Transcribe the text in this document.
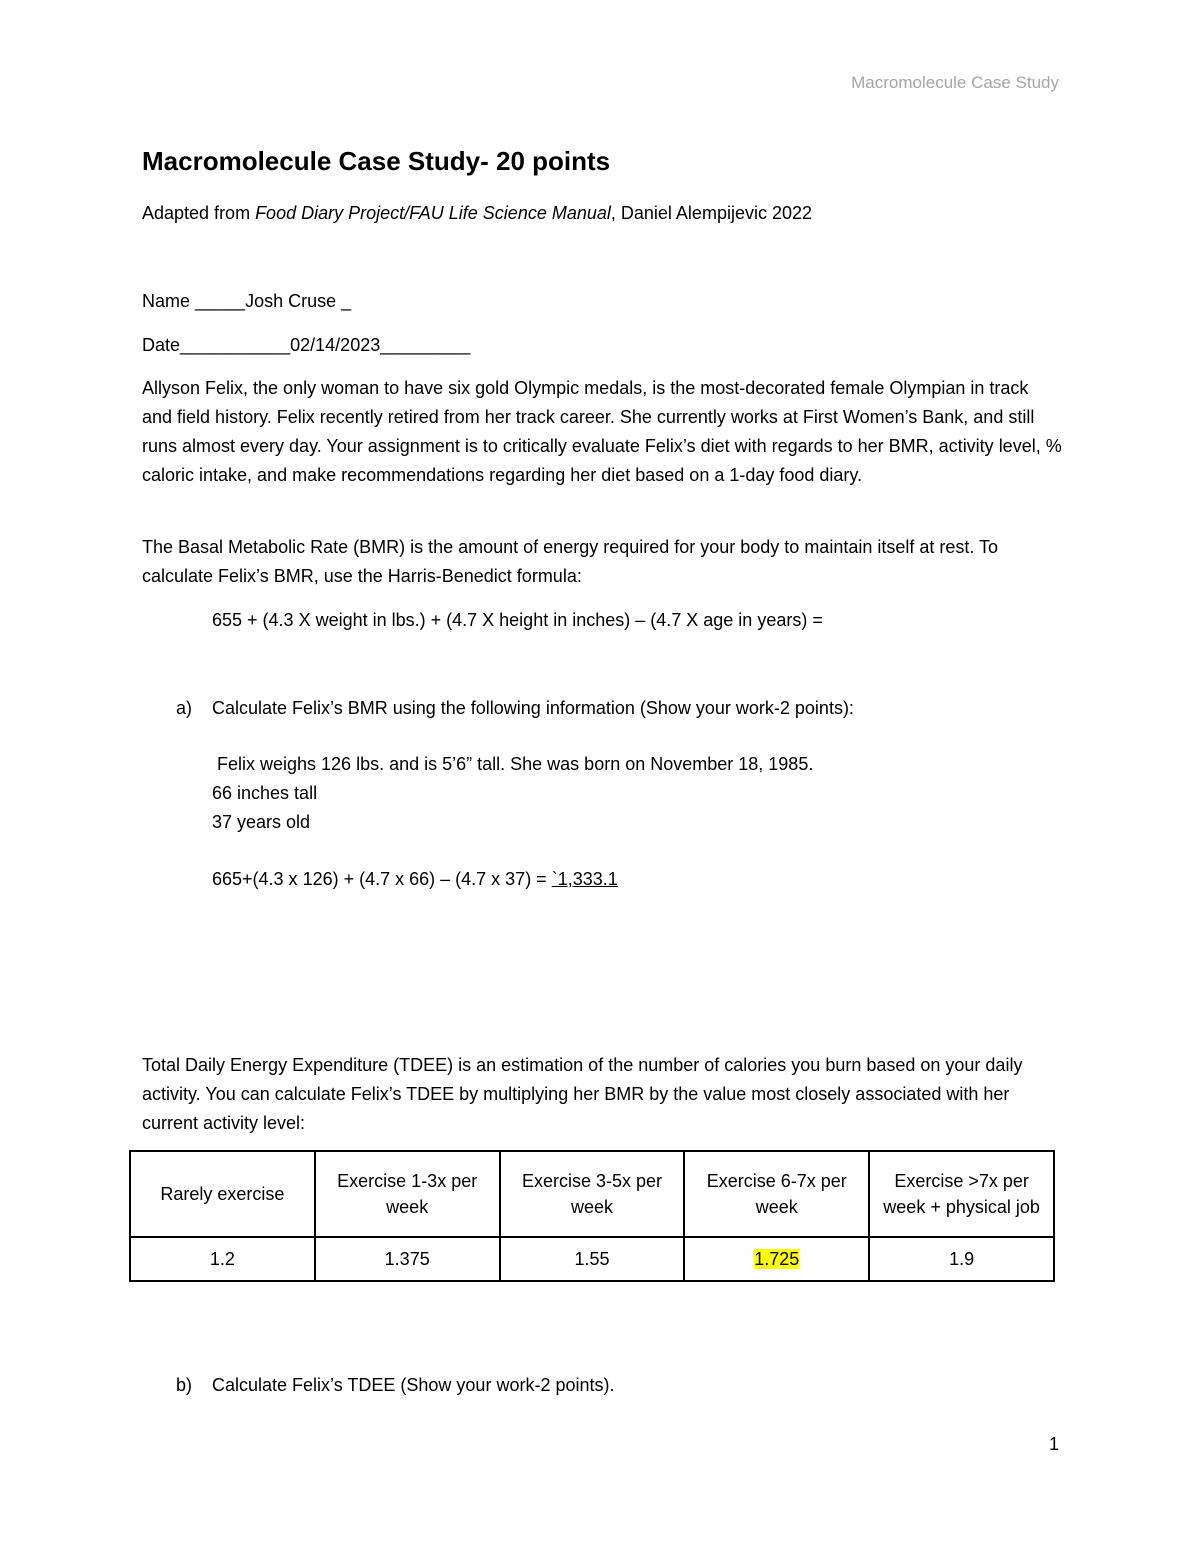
Macromolecule Case Study
Macromolecule Case Study- 20 points

Adapted from Food Diary Project/FAU Life Science Manual, Daniel Alempijevic 2022

Name _____Josh Cruse _

Date___________02/14/2023_________

Allyson Felix, the only woman to have six gold Olympic medals, is the most-decorated female Olympian in track and field history. Felix recently retired from her track career. She currently works at First Women’s Bank, and still runs almost every day. Your assignment is to critically evaluate Felix’s diet with regards to her BMR, activity level, % caloric intake, and make recommendations regarding her diet based on a 1-day food diary.

The Basal Metabolic Rate (BMR) is the amount of energy required for your body to maintain itself at rest. To calculate Felix’s BMR, use the Harris-Benedict formula:

655 + (4.3 X weight in lbs.) + (4.7 X height in inches) – (4.7 X age in years) =

a) Calculate Felix’s BMR using the following information (Show your work-2 points):

Felix weighs 126 lbs. and is 5’6” tall. She was born on November 18, 1985.

66 inches tall

37 years old

665+(4.3 x 126) + (4.7 x 66) – (4.7 x 37) = `1,333.1

Total Daily Energy Expenditure (TDEE) is an estimation of the number of calories you burn based on your daily activity. You can calculate Felix’s TDEE by multiplying her BMR by the value most closely associated with her current activity level:

Rarely exercise	Exercise 1-3x per week	Exercise 3-5x per week	Exercise 6-7x per week	Exercise >7x per week + physical job
1.2	1.375	1.55	1.725	1.9

b) Calculate Felix’s TDEE (Show your work-2 points).

1
